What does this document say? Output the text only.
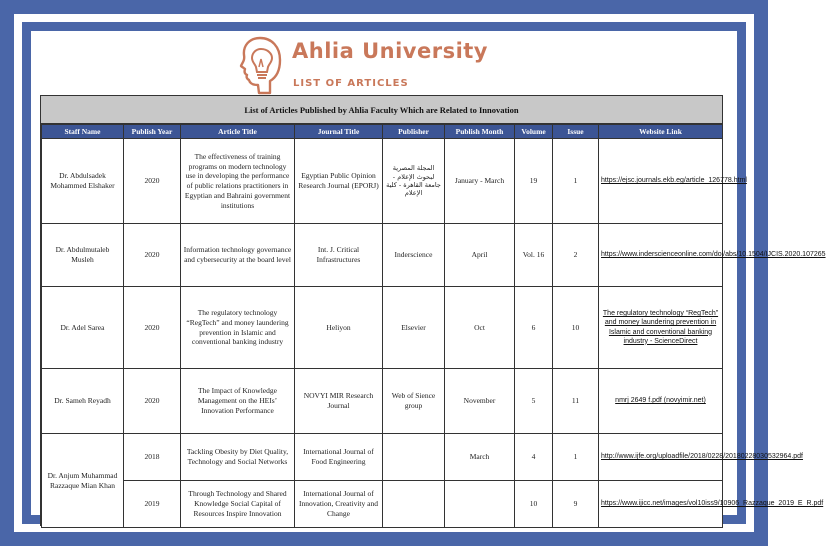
Ahlia University
LIST OF ARTICLES
List of Articles Published by Ahlia Faculty Which are Related to Innovation
Staff Name	Publish Year	Article Title	Journal Title	Publisher	Publish Month	Volume	Issue	Website Link
Dr. Abdulsadek Mohammed Elshaker	2020	The effectiveness of training programs on modern technology use in developing the performance of public relations practitioners in Egyptian and Bahraini government institutions	Egyptian Public Opinion Research Journal (EPORJ)	المجلة المصرية لبحوث الإعلام - جامعة القاهرة - كلية الإعلام	January - March	19	1	https://ejsc.journals.ekb.eg/article_126778.html
Dr. Abdulmutaleb Musleh	2020	Information technology governance and cybersecurity at the board level	Int. J. Critical Infrastructures	Inderscience	April	Vol. 16	2	https://www.inderscienceonline.com/doi/abs/10.1504/IJCIS.2020.107265
Dr. Adel Sarea	2020	The regulatory technology “RegTech” and money laundering prevention in Islamic and conventional banking industry	Heliyon	Elsevier	Oct	6	10	The regulatory technology “RegTech” and money laundering prevention in Islamic and conventional banking industry - ScienceDirect
Dr. Sameh Reyadh	2020	The Impact of Knowledge Management on the HEIs’ Innovation Performance	NOVYI MIR Research Journal	Web of Sience group	November	5	11	nmrj 2649 f.pdf (novyimir.net)
Dr. Anjum Muhammad Razzaque Mian Khan	2018	Tackling Obesity by Diet Quality, Technology and Social Networks	International Journal of Food Engineering		March	4	1	http://www.ijfe.org/uploadfile/2018/0228/20180228030532964.pdf
	2019	Through Technology and Shared Knowledge Social Capital of Resources Inspire Innovation	International Journal of Innovation, Creativity and Change			10	9	https://www.ijicc.net/images/vol10iss9/10906_Razzaque_2019_E_R.pdf
